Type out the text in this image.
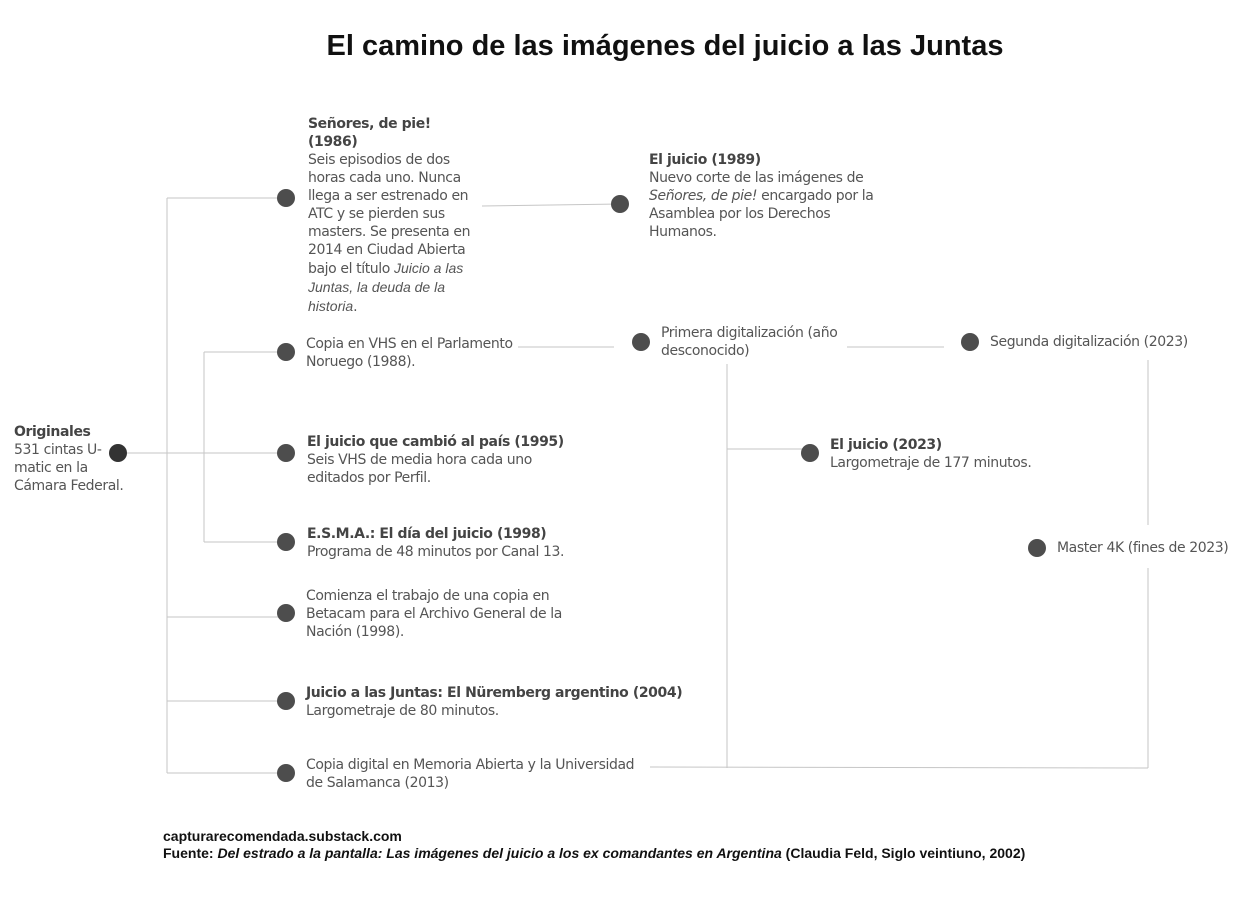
El camino de las imágenes del juicio a las Juntas
Originales
531 cintas U-matic en la Cámara Federal.
Señores, de pie! (1986)
Seis episodios de dos horas cada uno. Nunca llega a ser estrenado en ATC y se pierden sus masters. Se presenta en 2014 en Ciudad Abierta bajo el título Juicio a las Juntas, la deuda de la historia.
El juicio (1989)
Nuevo corte de las imágenes de Señores, de pie! encargado por la Asamblea por los Derechos Humanos.
Copia en VHS en el Parlamento Noruego (1988).
Primera digitalización (año desconocido)
Segunda digitalización (2023)
El juicio que cambió al país (1995)
Seis VHS de media hora cada uno editados por Perfil.
El juicio (2023)
Largometraje de 177 minutos.
E.S.M.A.: El día del juicio (1998)
Programa de 48 minutos por Canal 13.	Master 4K (fines de 2023)
Comienza el trabajo de una copia en Betacam para el Archivo General de la Nación (1998).
Juicio a las Juntas: El Nüremberg argentino (2004)
Largometraje de 80 minutos.
Copia digital en Memoria Abierta y la Universidad de Salamanca (2013)
capturarecomendada.substack.com
Fuente: Del estrado a la pantalla: Las imágenes del juicio a los ex comandantes en Argentina (Claudia Feld, Siglo veintiuno, 2002)
